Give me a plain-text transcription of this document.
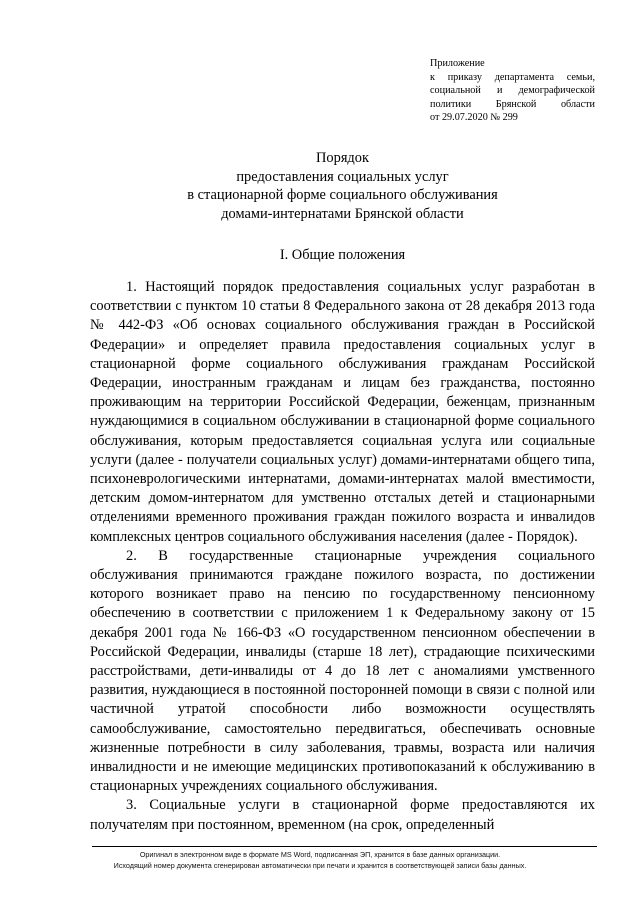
Приложение
к приказу департамента семьи,
социальной и демографической
политики Брянской области
от 29.07.2020 № 299
Порядок
предоставления социальных услуг
в стационарной форме социального обслуживания
домами-интернатами Брянской области
I. Общие положения

1. Настоящий порядок предоставления социальных услуг разработан в соответствии с пунктом 10 статьи 8 Федерального закона от 28 декабря 2013 года № 442-ФЗ «Об основах социального обслуживания граждан в Российской Федерации» и определяет правила предоставления социальных услуг в стационарной форме социального обслуживания гражданам Российской Федерации, иностранным гражданам и лицам без гражданства, постоянно проживающим на территории Российской Федерации, беженцам, признанным нуждающимися в социальном обслуживании в стационарной форме социального обслуживания, которым предоставляется социальная услуга или социальные услуги (далее - получатели социальных услуг) домами-интернатами общего типа, психоневрологическими интернатами, домами-интернатах малой вместимости, детским домом-интернатом для умственно отсталых детей и стационарными отделениями временного проживания граждан пожилого возраста и инвалидов комплексных центров социального обслуживания населения (далее - Порядок).

2. В государственные стационарные учреждения социального обслуживания принимаются граждане пожилого возраста, по достижении которого возникает право на пенсию по государственному пенсионному обеспечению в соответствии с приложением 1 к Федеральному закону от 15 декабря 2001 года № 166-ФЗ «О государственном пенсионном обеспечении в Российской Федерации, инвалиды (старше 18 лет), страдающие психическими расстройствами, дети-инвалиды от 4 до 18 лет с аномалиями умственного развития, нуждающиеся в постоянной посторонней помощи в связи с полной или частичной утратой способности либо возможности осуществлять самообслуживание, самостоятельно передвигаться, обеспечивать основные жизненные потребности в силу заболевания, травмы, возраста или наличия инвалидности и не имеющие медицинских противопоказаний к обслуживанию в стационарных учреждениях социального обслуживания.

3. Социальные услуги в стационарной форме предоставляются их получателям при постоянном, временном (на срок, определенный

Оригинал в электронном виде в формате MS Word, подписанная ЭП, хранится в базе данных организации.
Исходящий номер документа сгенерирован автоматически при печати и хранится в соответствующей записи базы данных.
